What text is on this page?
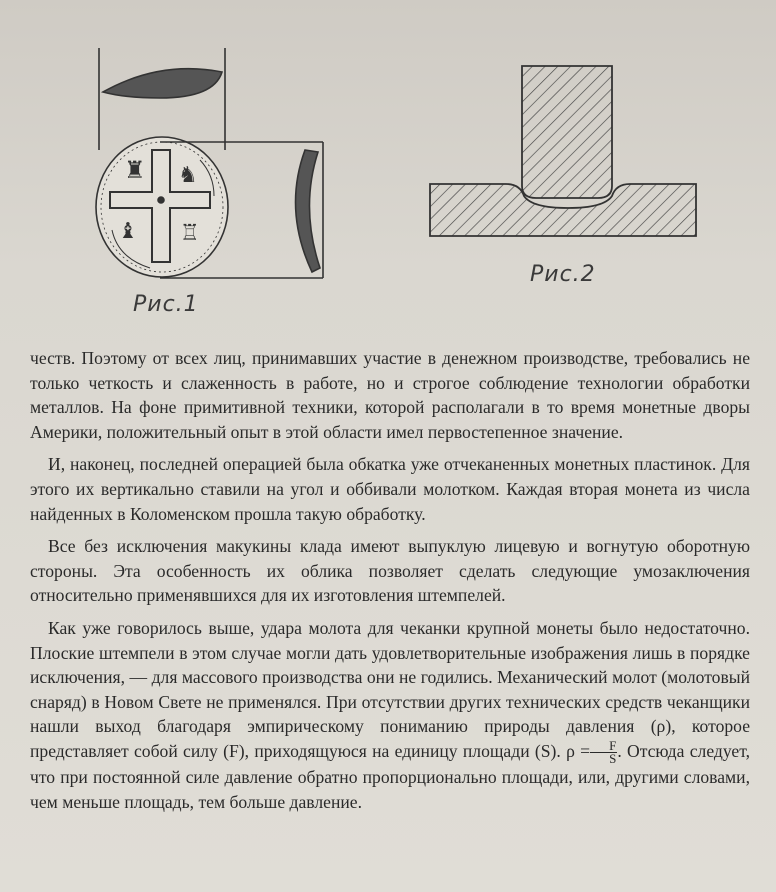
♜ ♞
♝ ♖
Рис.1
Рис.2

честв. Поэтому от всех лиц, принимавших участие в денежном производстве, требовались не только четкость и слаженность в работе, но и строгое соблюдение технологии обработки металлов. На фоне примитивной техники, которой располагали в то время монетные дворы Америки, положительный опыт в этой области имел первостепенное значение.

И, наконец, последней операцией была обкатка уже отчеканенных монетных пластинок. Для этого их вертикально ставили на угол и оббивали молотком. Каждая вторая монета из числа найденных в Коломенском прошла такую обработку.

Все без исключения макукины клада имеют выпуклую лицевую и вогнутую оборотную стороны. Эта особенность их облика позволяет сделать следующие умозаключения относительно применявшихся для их изготовления штемпелей.

Как уже говорилось выше, удара молота для чеканки крупной монеты было недостаточно. Плоские штемпели в этом случае могли дать удовлетворительные изображения лишь в порядке исключения, — для массового производства они не годились. Механический молот (молотовый снаряд) в Новом Свете не применялся. При отсутствии других технических средств чеканщики нашли выход благодаря эмпирическому пониманию природы давления (ρ), которое представляет собой силу (F), приходящуюся на единицу площади (S). $\rho = \frac{F}{S}$ . Отсюда следует, что при постоянной силе давление обратно пропорционально площади, или, другими словами, чем меньше площадь, тем больше давление.
